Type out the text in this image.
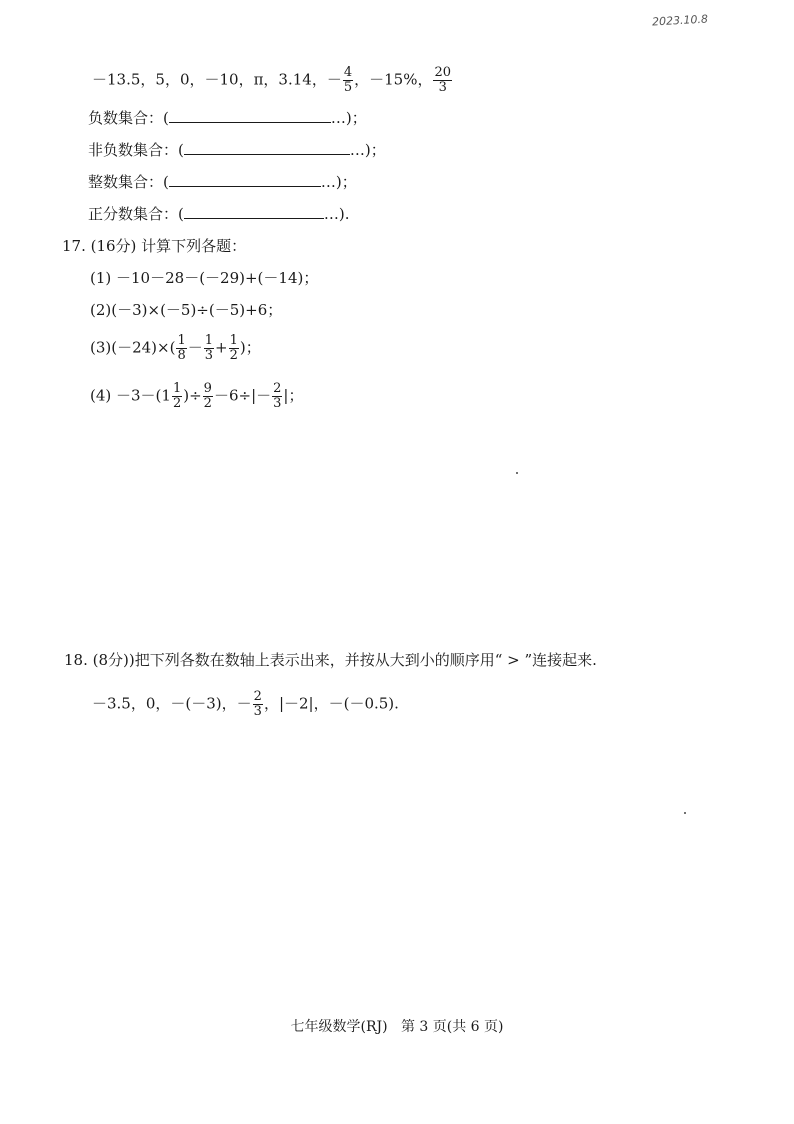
2023.10.8
－13.5，5，0，－10，π，3.14，－ $\frac{4}{5}$ ，－15%， $\frac{20}{3}$
负数集合：(	…)；
非负数集合：(	…)；
整数集合：(	…)；
正分数集合：(	…).
17. (16分) 计算下列各题：
(1) －10－28－(－29)+(－14)；
(2)(－3)×(－5)÷(－5)+6；
$(3)(-24)\times( \frac{1}{8} - \frac{1}{3} + \frac{1}{2}$ )；
$(4) -3-(1 \frac{1}{2}$ )÷ $\frac{9}{2} -6\div|- \frac{2}{3}$ |；
18. (8分))把下列各数在数轴上表示出来，并按从大到小的顺序用“ > ”连接起来.
－3.5，0，－(－3)，－ $\frac{2}{3}$ ，|－2|，－(－0.5).
七年级数学(RJ)   第 3 页(共 6 页)
